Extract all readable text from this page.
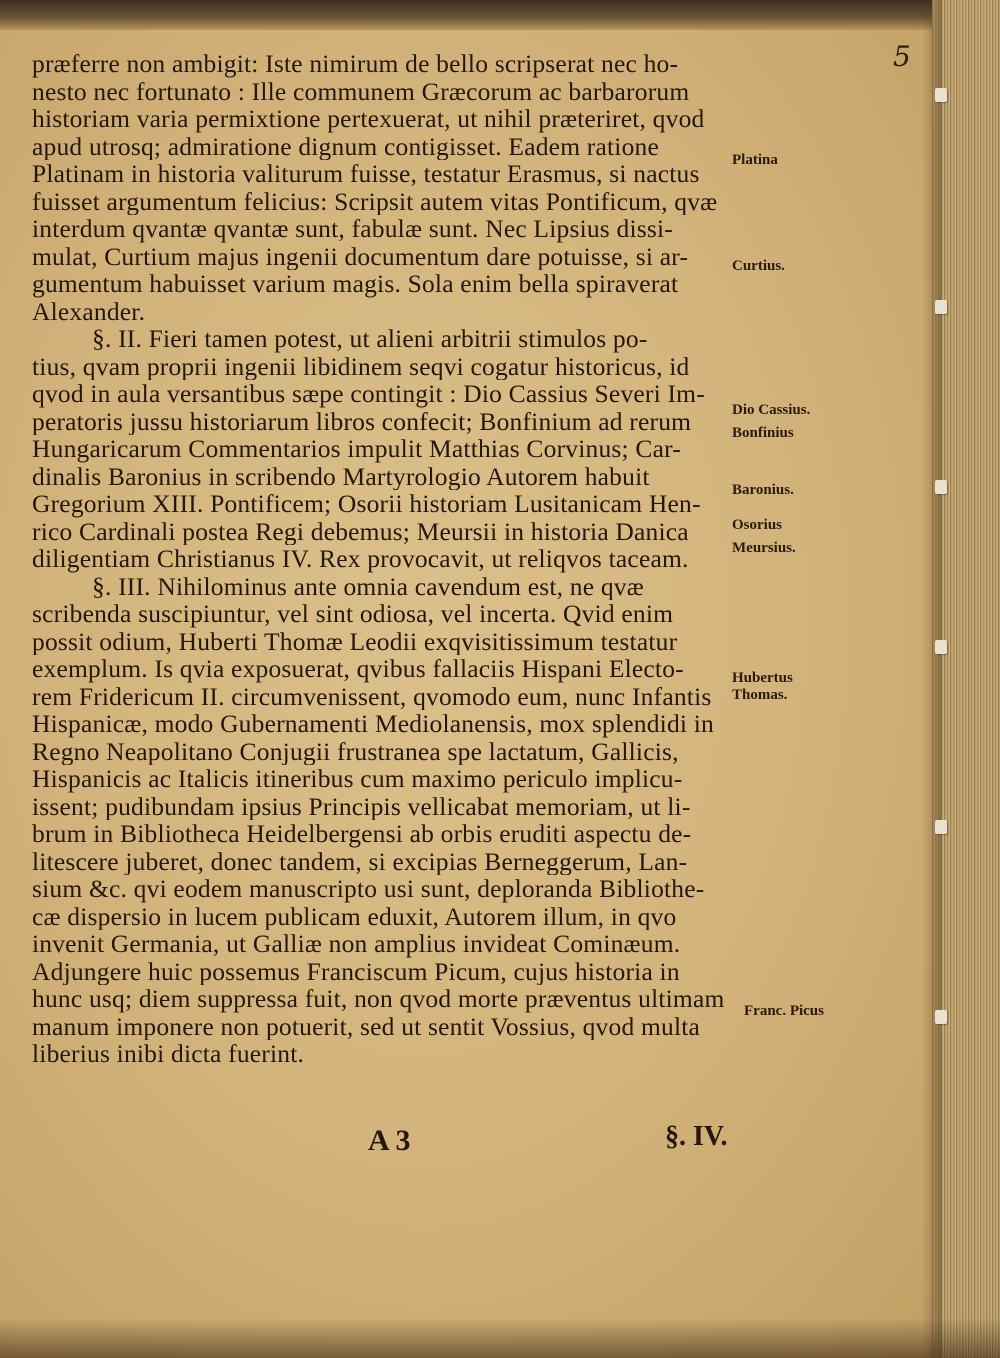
5
præferre non ambigit: Iste nimirum de bello scripserat nec ho-
nesto nec fortunato : Ille communem Græcorum ac barbarorum
historiam varia permixtione pertexuerat, ut nihil præteriret, qvod
apud utrosq; admiratione dignum contigisset. Eadem ratione
Platinam in historia valiturum fuisse, testatur Erasmus, si nactus
fuisset argumentum felicius: Scripsit autem vitas Pontificum, qvæ
interdum qvantæ qvantæ sunt, fabulæ sunt. Nec Lipsius dissi-
mulat, Curtium majus ingenii documentum dare potuisse, si ar-
gumentum habuisset varium magis. Sola enim bella spiraverat
Alexander.
§. II. Fieri tamen potest, ut alieni arbitrii stimulos po-
tius, qvam proprii ingenii libidinem seqvi cogatur historicus, id
qvod in aula versantibus sæpe contingit : Dio Cassius Severi Im-
peratoris jussu historiarum libros confecit; Bonfinium ad rerum
Hungaricarum Commentarios impulit Matthias Corvinus; Car-
dinalis Baronius in scribendo Martyrologio Autorem habuit
Gregorium XIII. Pontificem; Osorii historiam Lusitanicam Hen-
rico Cardinali postea Regi debemus; Meursii in historia Danica
diligentiam Christianus IV. Rex provocavit, ut reliqvos taceam.
§. III. Nihilominus ante omnia cavendum est, ne qvæ
scribenda suscipiuntur, vel sint odiosa, vel incerta. Qvid enim
possit odium, Huberti Thomæ Leodii exqvisitissimum testatur
exemplum. Is qvia exposuerat, qvibus fallaciis Hispani Electo-
rem Fridericum II. circumvenissent, qvomodo eum, nunc Infantis
Hispanicæ, modo Gubernamenti Mediolanensis, mox splendidi in
Regno Neapolitano Conjugii frustranea spe lactatum, Gallicis,
Hispanicis ac Italicis itineribus cum maximo periculo implicu-
issent; pudibundam ipsius Principis vellicabat memoriam, ut li-
brum in Bibliotheca Heidelbergensi ab orbis eruditi aspectu de-
litescere juberet, donec tandem, si excipias Berneggerum, Lan-
sium &c. qvi eodem manuscripto usi sunt, deploranda Bibliothe-
cæ dispersio in lucem publicam eduxit, Autorem illum, in qvo
invenit Germania, ut Galliæ non amplius invideat Cominæum.
Adjungere huic possemus Franciscum Picum, cujus historia in
hunc usq; diem suppressa fuit, non qvod morte præventus ultimam
manum imponere non potuerit, sed ut sentit Vossius, qvod multa
liberius inibi dicta fuerint.
Platina
Curtius.
Dio Cassius.
Bonfinius
Baronius.
Osorius
Meursius.
Hubertus
Thomas.
Franc. Picus
A 3	§. IV.
